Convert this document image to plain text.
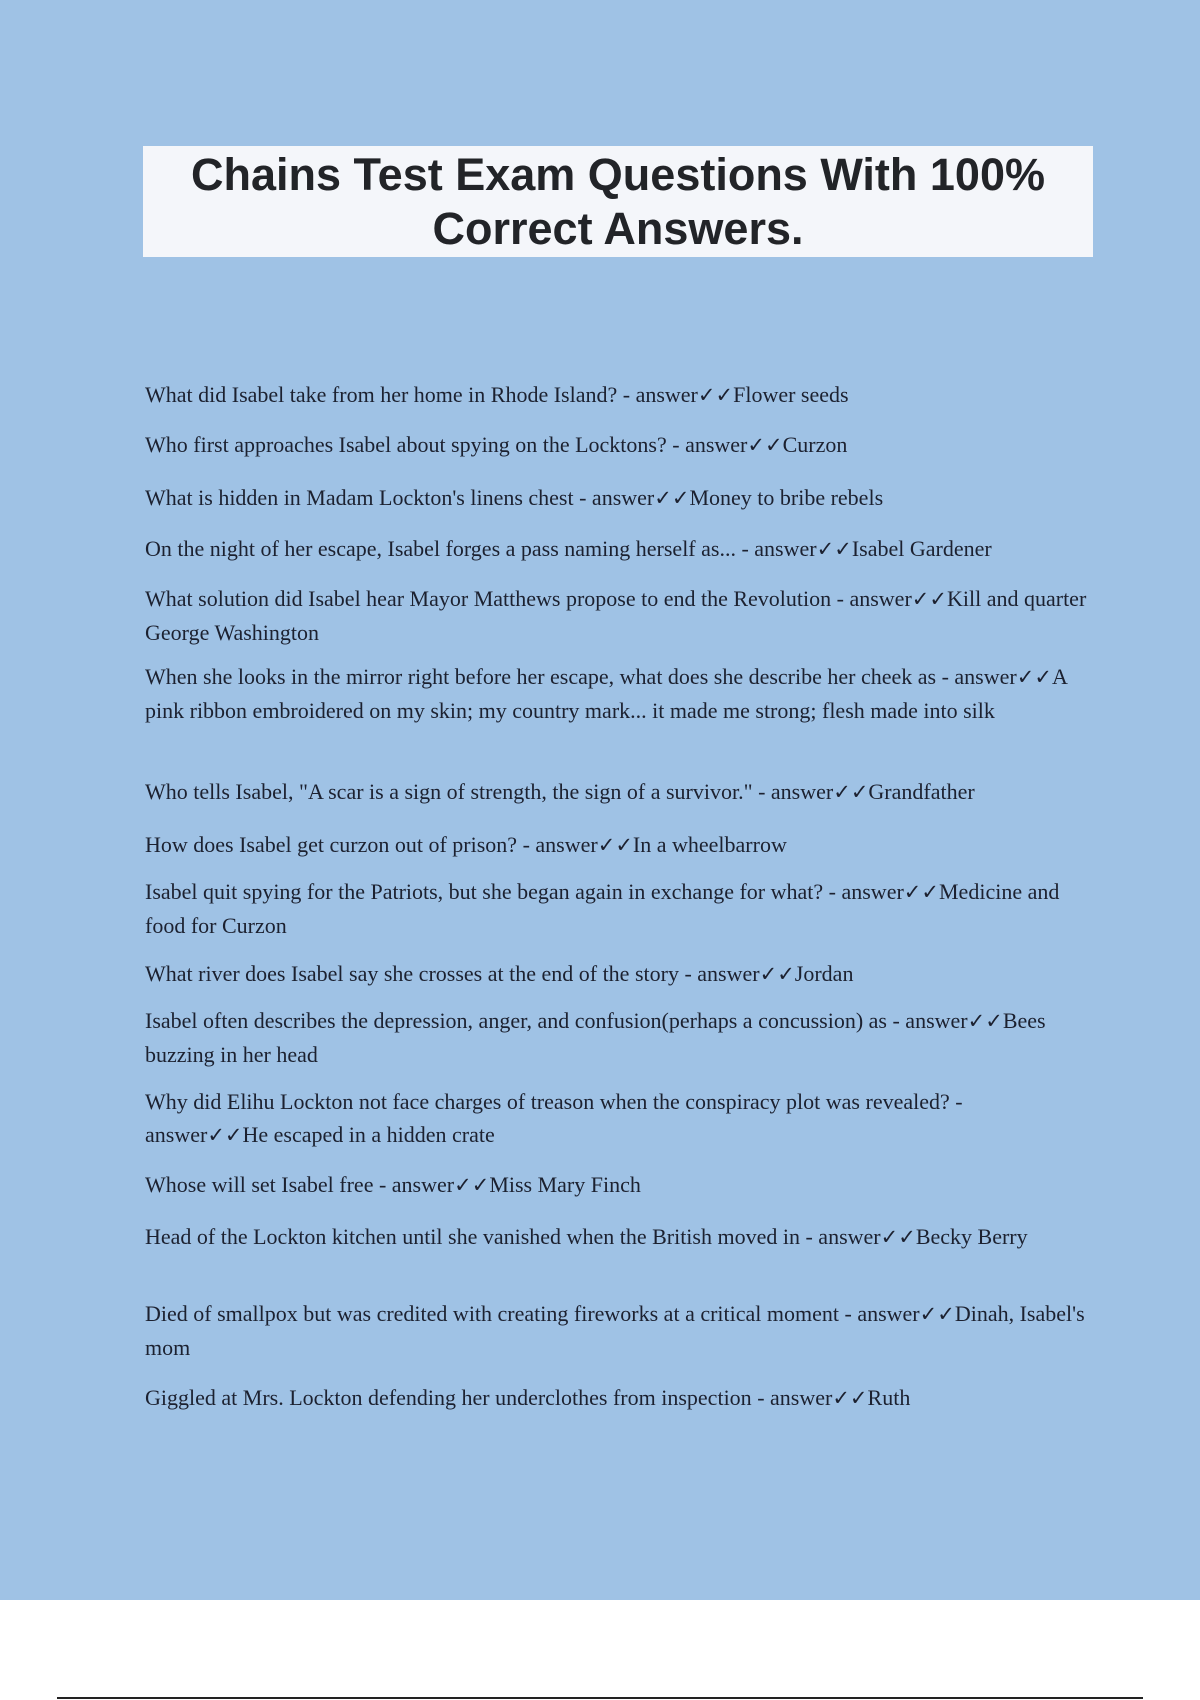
Chains Test Exam Questions With 100% Correct Answers.
What did Isabel take from her home in Rhode Island? - answer✓✓Flower seeds
Who first approaches Isabel about spying on the Locktons? - answer✓✓Curzon
What is hidden in Madam Lockton's linens chest - answer✓✓Money to bribe rebels
On the night of her escape, Isabel forges a pass naming herself as... - answer✓✓Isabel Gardener
What solution did Isabel hear Mayor Matthews propose to end the Revolution - answer✓✓Kill and quarter George Washington
When she looks in the mirror right before her escape, what does she describe her cheek as - answer✓✓A pink ribbon embroidered on my skin; my country mark... it made me strong; flesh made into silk
Who tells Isabel, "A scar is a sign of strength, the sign of a survivor." - answer✓✓Grandfather
How does Isabel get curzon out of prison? - answer✓✓In a wheelbarrow
Isabel quit spying for the Patriots, but she began again in exchange for what? - answer✓✓Medicine and food for Curzon
What river does Isabel say she crosses at the end of the story - answer✓✓Jordan
Isabel often describes the depression, anger, and confusion(perhaps a concussion) as - answer✓✓Bees buzzing in her head
Why did Elihu Lockton not face charges of treason when the conspiracy plot was revealed? - answer✓✓He escaped in a hidden crate
Whose will set Isabel free - answer✓✓Miss Mary Finch
Head of the Lockton kitchen until she vanished when the British moved in - answer✓✓Becky Berry
Died of smallpox but was credited with creating fireworks at a critical moment - answer✓✓Dinah, Isabel's mom
Giggled at Mrs. Lockton defending her underclothes from inspection - answer✓✓Ruth
